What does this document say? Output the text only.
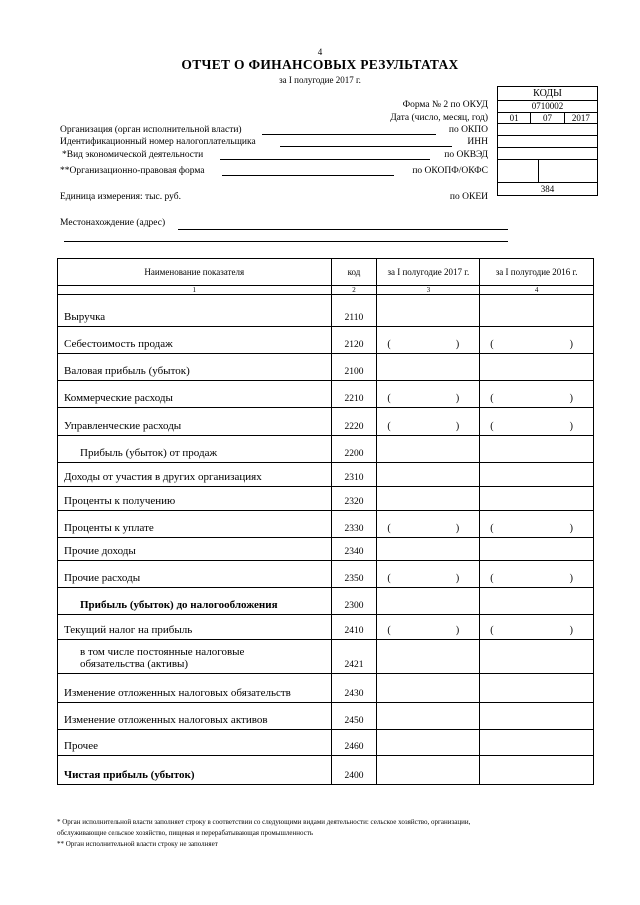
4
ОТЧЕТ О ФИНАНСОВЫХ РЕЗУЛЬТАТАХ
за I полугодие 2017 г.
Форма № 2 по ОКУД
Дата (число, месяц, год)
Организация (орган исполнительной власти)	по ОКПО
Идентификационный номер налогоплательщика	ИНН
*Вид экономической деятельности	по ОКВЭД
**Организационно-правовая форма	по ОКОПФ/ОКФС
Единица измерения: тыс. руб.	по ОКЕИ
Местонахождение (адрес)
КОДЫ
0710002
01	07	2017
384
Наименование показателя	код	за I полугодие 2017 г.	за I полугодие 2016 г.
1	2	3	4
Выручка	2110		
Себестоимость продаж	2120	( )	( )

Валовая прибыль (убыток)	2100		
Коммерческие расходы	2210	( )	( )

Управленческие расходы	2220	( )	( )

Прибыль (убыток) от продаж	2200		
Доходы от участия в других организациях	2310		
Проценты к получению	2320		
Проценты к уплате	2330	( )	( )

Прочие доходы	2340		
Прочие расходы	2350	( )	( )

Прибыль (убыток) до налогообложения	2300		
Текущий налог на прибыль	2410	( )	( )

в том числе постоянные налоговые обязательства (активы)	2421		
Изменение отложенных налоговых обязательств	2430		
Изменение отложенных налоговых активов	2450		
Прочее	2460		
Чистая прибыль (убыток)	2400		
* Орган исполнительной власти заполняет строку в соответствии со следующими видами деятельности: сельское хозяйство, организации,
обслуживающие сельское хозяйство, пищевая и перерабатывающая промышленность
** Орган исполнительной власти строку не заполняет
